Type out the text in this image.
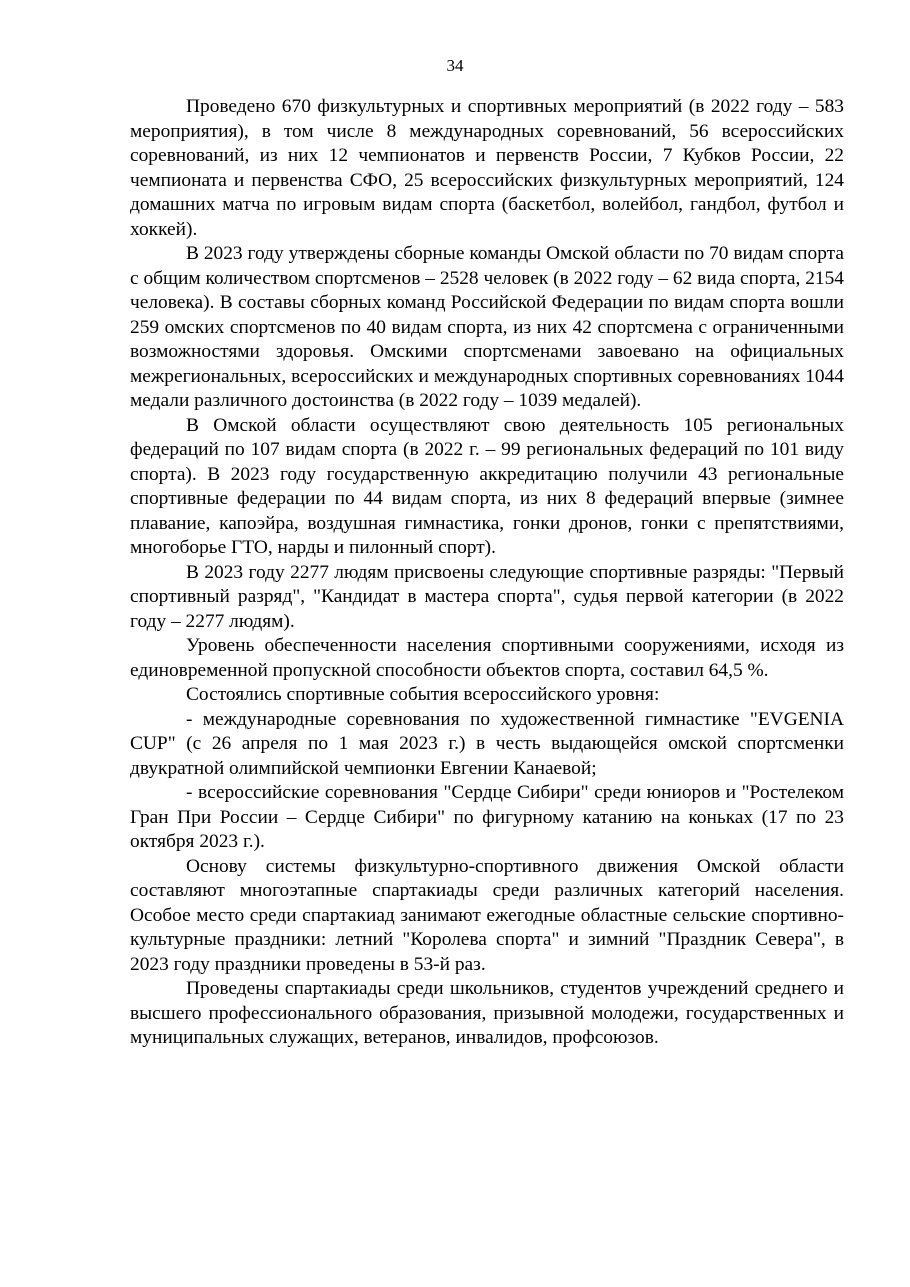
34

Проведено 670 физкультурных и спортивных мероприятий (в 2022 году – 583 мероприятия), в том числе 8 международных соревнований, 56 всероссийских соревнований, из них 12 чемпионатов и первенств России, 7 Кубков России, 22 чемпионата и первенства СФО, 25 всероссийских физкультурных мероприятий, 124 домашних матча по игровым видам спорта (баскетбол, волейбол, гандбол, футбол и хоккей).

В 2023 году утверждены сборные команды Омской области по 70 видам спорта с общим количеством спортсменов – 2528 человек (в 2022 году – 62 вида спорта, 2154 человека). В составы сборных команд Российской Федерации по видам спорта вошли 259 омских спортсменов по 40 видам спорта, из них 42 спортсмена с ограниченными возможностями здоровья. Омскими спортсменами завоевано на официальных межрегиональных, всероссийских и международных спортивных соревнованиях 1044 медали различного достоинства (в 2022 году – 1039 медалей).

В Омской области осуществляют свою деятельность 105 региональных федераций по 107 видам спорта (в 2022 г. – 99 региональных федераций по 101 виду спорта). В 2023 году государственную аккредитацию получили 43 региональные спортивные федерации по 44 видам спорта, из них 8 федераций впервые (зимнее плавание, капоэйра, воздушная гимнастика, гонки дронов, гонки с препятствиями, многоборье ГТО, нарды и пилонный спорт).

В 2023 году 2277 людям присвоены следующие спортивные разряды: "Первый спортивный разряд", "Кандидат в мастера спорта", судья первой категории (в 2022 году – 2277 людям).

Уровень обеспеченности населения спортивными сооружениями, исходя из единовременной пропускной способности объектов спорта, составил 64,5 %.

Состоялись спортивные события всероссийского уровня:

- международные соревнования по художественной гимнастике "EVGENIA CUP" (с 26 апреля по 1 мая 2023 г.) в честь выдающейся омской спортсменки двукратной олимпийской чемпионки Евгении Канаевой;

- всероссийские соревнования "Сердце Сибири" среди юниоров и "Ростелеком Гран При России – Сердце Сибири" по фигурному катанию на коньках (17 по 23 октября 2023 г.).

Основу системы физкультурно-спортивного движения Омской области составляют многоэтапные спартакиады среди различных категорий населения. Особое место среди спартакиад занимают ежегодные областные сельские спортивно-культурные праздники: летний "Королева спорта" и зимний "Праздник Севера", в 2023 году праздники проведены в 53-й раз.

Проведены спартакиады среди школьников, студентов учреждений среднего и высшего профессионального образования, призывной молодежи, государственных и муниципальных служащих, ветеранов, инвалидов, профсоюзов.
